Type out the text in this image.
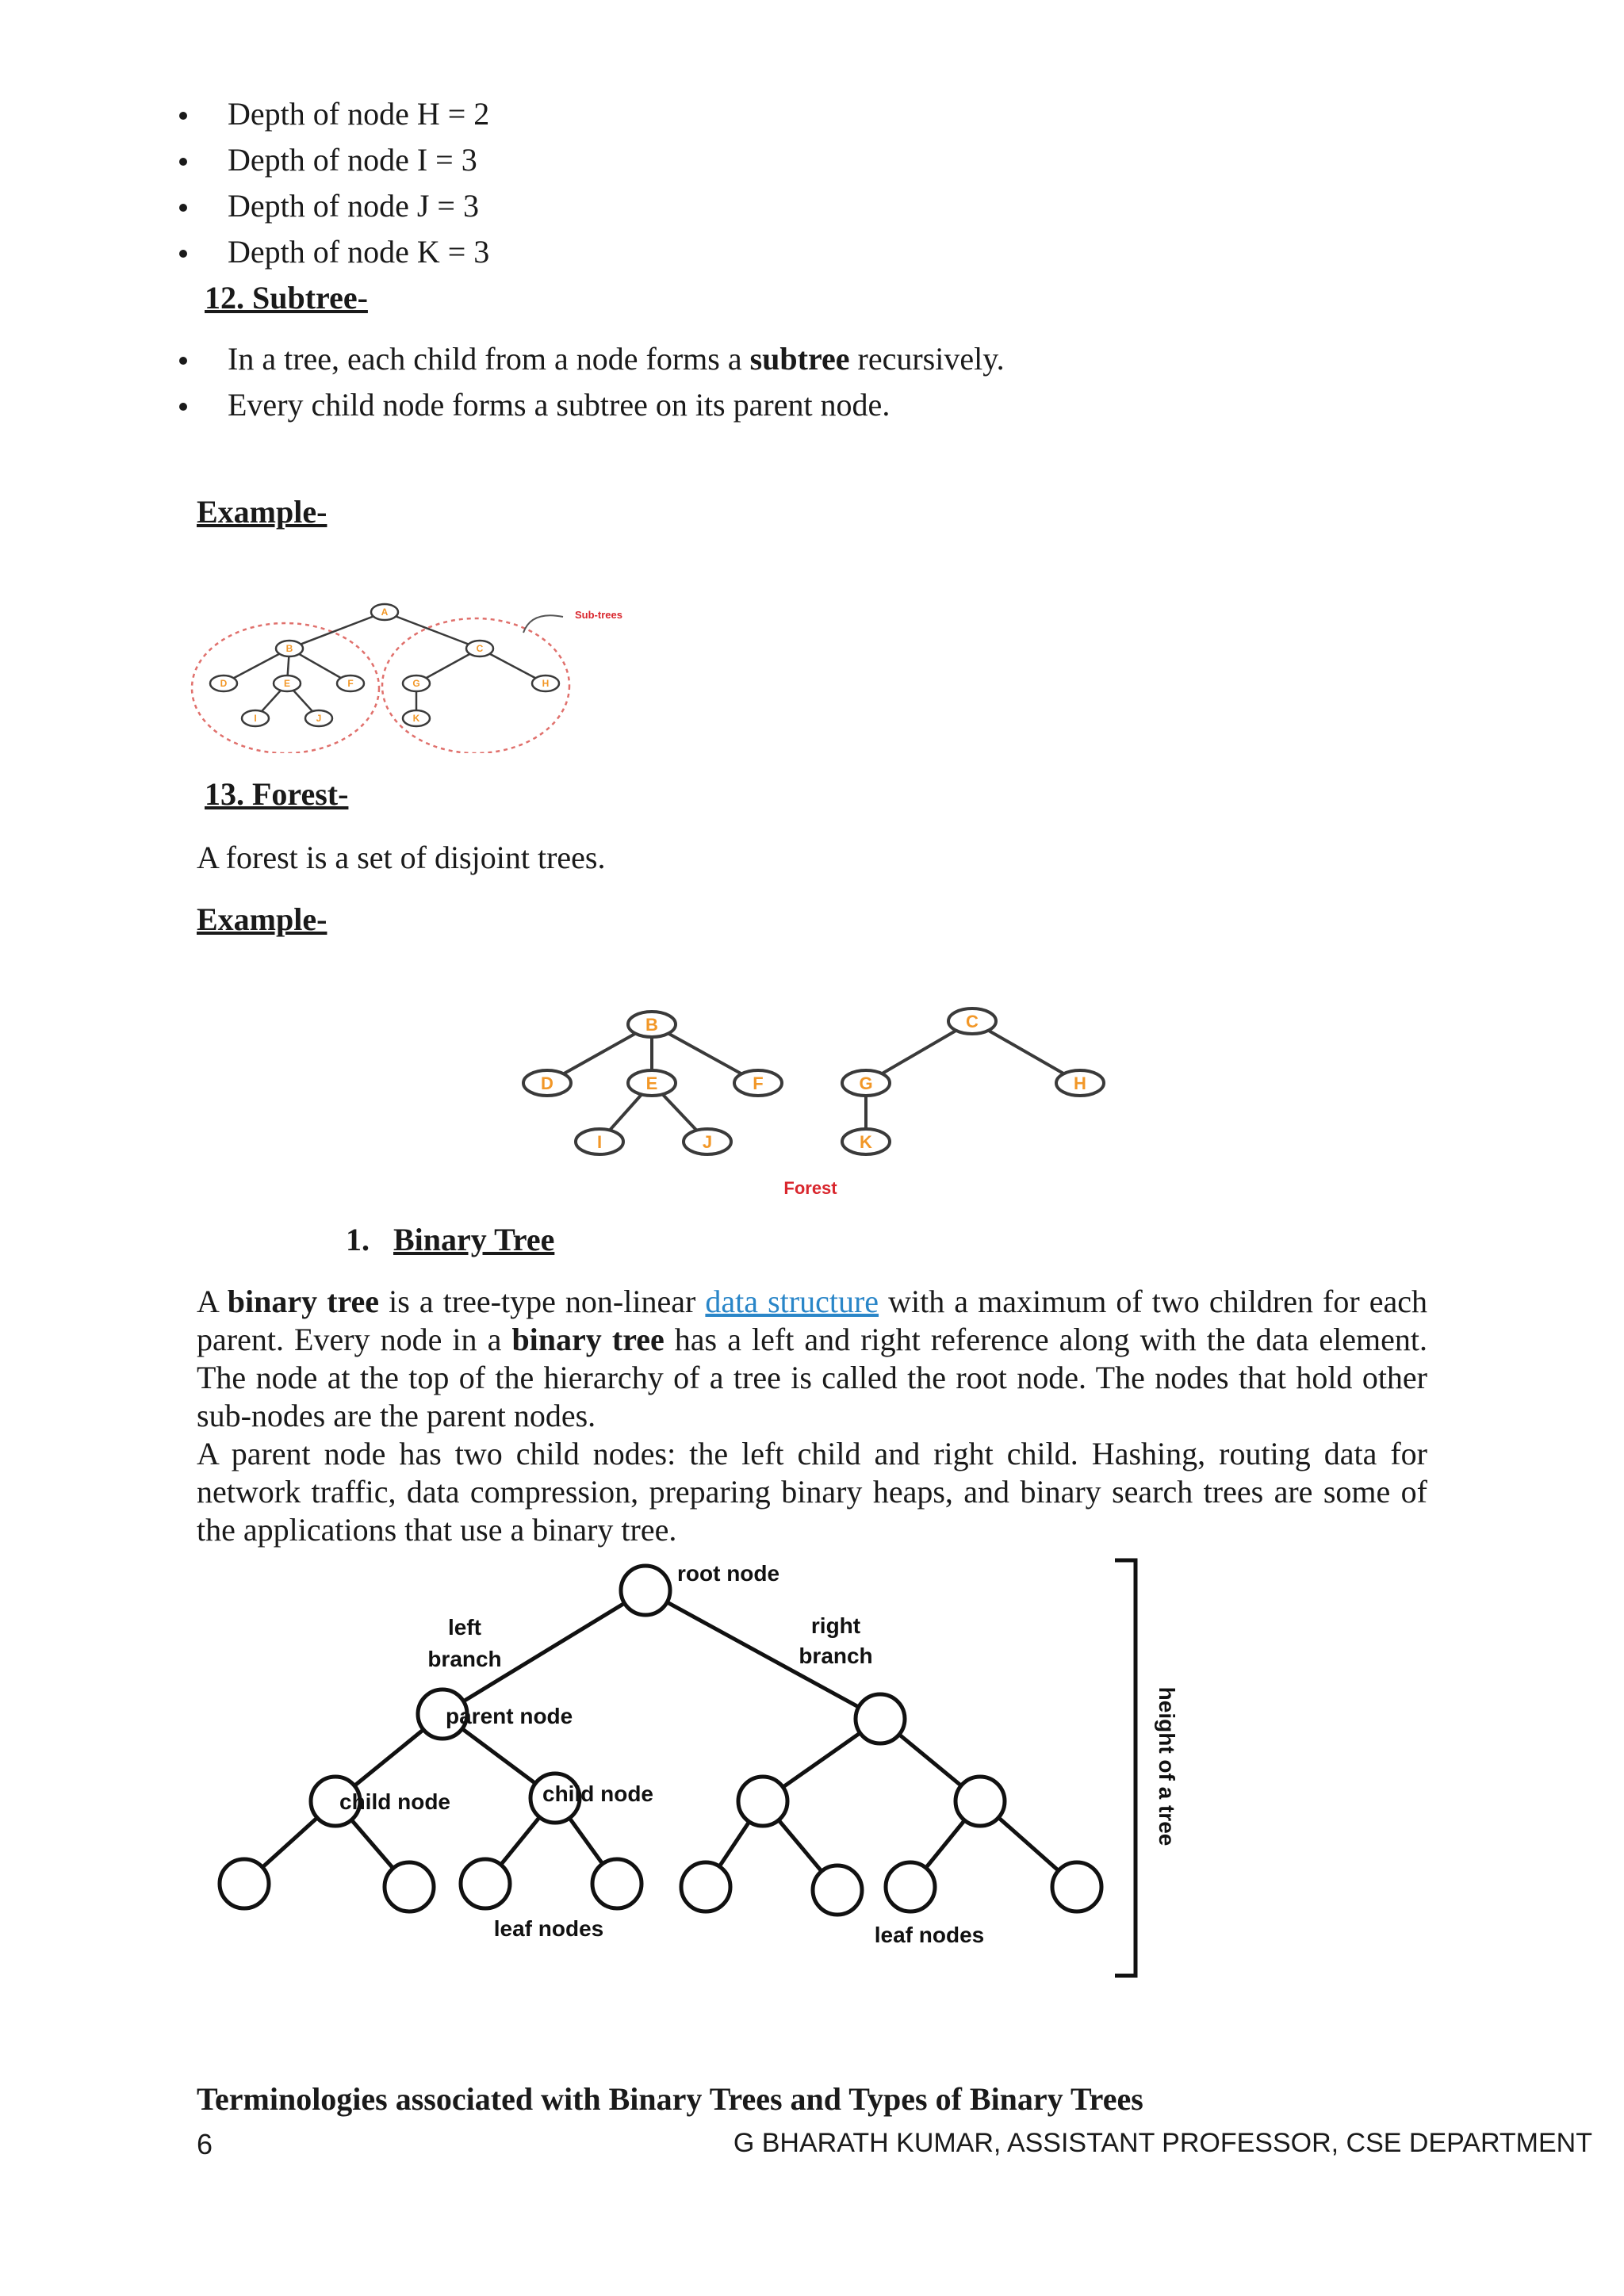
Depth of node H = 2
Depth of node I = 3
Depth of node J = 3
Depth of node K = 3
12. Subtree-
In a tree, each child from a node forms a subtree recursively.
Every child node forms a subtree on its parent node.
Example-
Sub-trees
A
B	C
D	E	F	G	H
I	J	K
13. Forest-
A forest is a set of disjoint trees.
Example-
B	C
D	E	F	G	H
I	J	K
Forest
1. Binary Tree
A binary tree is a tree-type non-linear data structure with a maximum of two children for each parent. Every node in a binary tree has a left and right reference along with the data element. The node at the top of the hierarchy of a tree is called the root node. The nodes that hold other sub-nodes are the parent nodes.
A parent node has two child nodes: the left child and right child. Hashing, routing data for network traffic, data compression, preparing binary heaps, and binary search trees are some of the applications that use a binary tree.
root node
left
branch
right
branch
parent node
child node	child node
leaf nodes	leaf nodes
height of a tree
Terminologies associated with Binary Trees and Types of Binary Trees
6	G BHARATH KUMAR, ASSISTANT PROFESSOR, CSE DEPARTMENT
